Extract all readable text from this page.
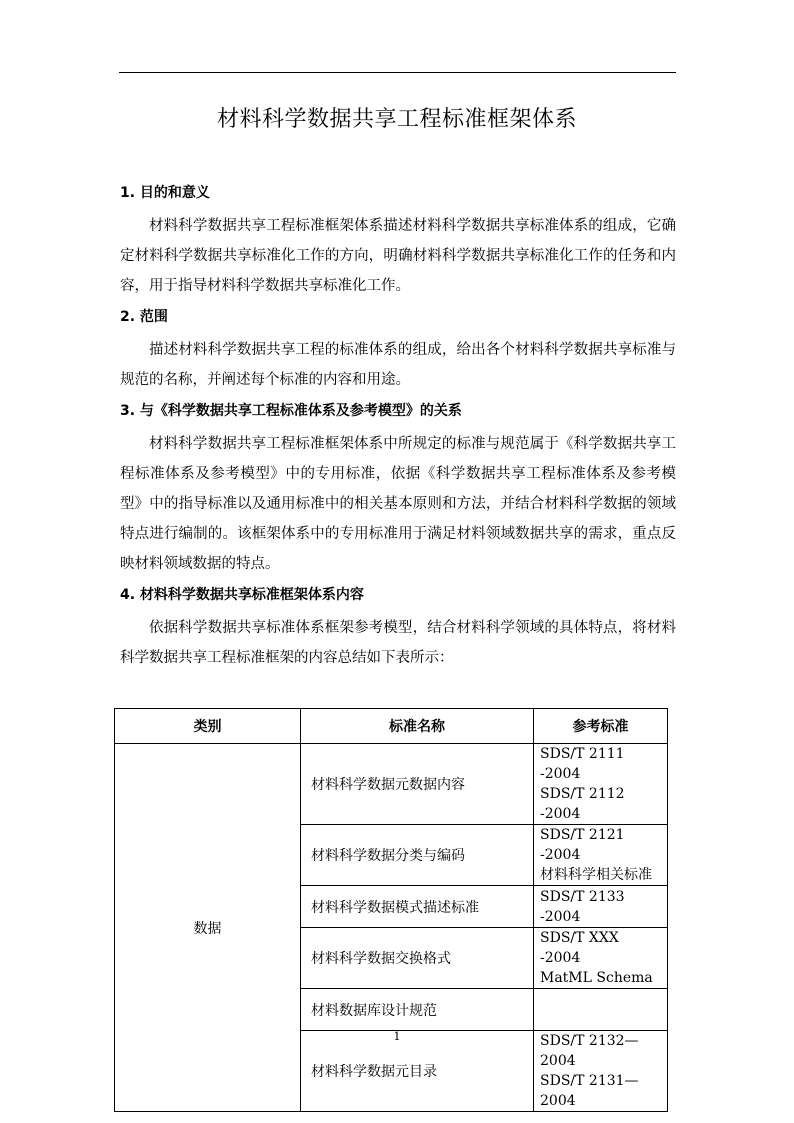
材料科学数据共享工程标准框架体系
1. 目的和意义

材料科学数据共享工程标准框架体系描述材料科学数据共享标准体系的组成，它确定材料科学数据共享标准化工作的方向，明确材料科学数据共享标准化工作的任务和内容，用于指导材料科学数据共享标准化工作。

2. 范围

描述材料科学数据共享工程的标准体系的组成，给出各个材料科学数据共享标准与规范的名称，并阐述每个标准的内容和用途。

3. 与《科学数据共享工程标准体系及参考模型》的关系

材料科学数据共享工程标准框架体系中所规定的标准与规范属于《科学数据共享工程标准体系及参考模型》中的专用标准，依据《科学数据共享工程标准体系及参考模型》中的指导标准以及通用标准中的相关基本原则和方法，并结合材料科学数据的领域特点进行编制的。该框架体系中的专用标准用于满足材料领域数据共享的需求，重点反映材料领域数据的特点。

4. 材料科学数据共享标准框架体系内容

依据科学数据共享标准体系框架参考模型，结合材料科学领域的具体特点，将材料科学数据共享工程标准框架的内容总结如下表所示：

类别	标准名称	参考标准
数据	材料科学数据元数据内容	SDS/T 2111 -2004
SDS/T 2112 -2004

	材料科学数据分类与编码	SDS/T 2121 -2004
材料科学相关标准

	材料科学数据模式描述标准	SDS/T 2133 -2004

	材料科学数据交换格式	SDS/T XXX -2004
MatML Schema

	材料数据库设计规范	
	材料科学数据元目录	SDS/T 2132—2004
SDS/T 2131—2004
1
